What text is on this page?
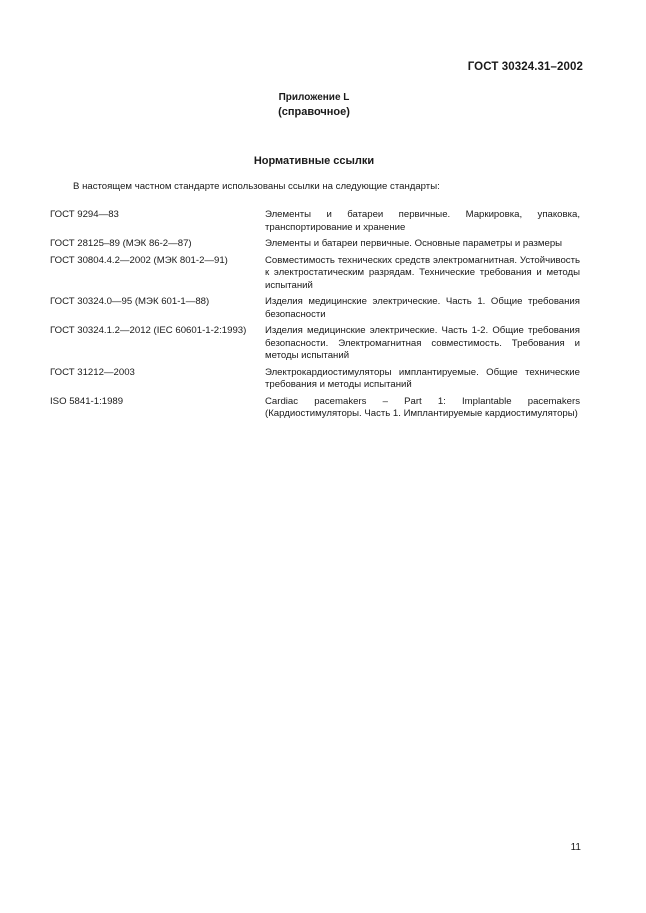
ГОСТ 30324.31–2002
Приложение L
(справочное)
Нормативные ссылки
В настоящем частном стандарте использованы ссылки на следующие стандарты:
ГОСТ 9294—83	Элементы и батареи первичные. Маркировка, упаковка, транспортирование и хранение
ГОСТ 28125–89 (МЭК 86-2—87)	Элементы и батареи первичные. Основные параметры и размеры
ГОСТ 30804.4.2—2002 (МЭК 801-2—91)	Совместимость технических средств электромагнитная. Устойчивость к электростатическим разрядам. Технические требования и методы испытаний
ГОСТ 30324.0—95 (МЭК 601-1—88)	Изделия медицинские электрические. Часть 1. Общие требования безопасности
ГОСТ 30324.1.2—2012 (IEC 60601-1-2:1993)	Изделия медицинские электрические. Часть 1-2. Общие требования безопасности. Электромагнитная совместимость. Требования и методы испытаний
ГОСТ 31212—2003	Электрокардиостимуляторы имплантируемые. Общие технические требования и методы испытаний
ISO 5841-1:1989	Cardiac pacemakers – Part 1: Implantable pacemakers (Кардиостимуляторы. Часть 1. Имплантируемые кардиостимуляторы)
11
